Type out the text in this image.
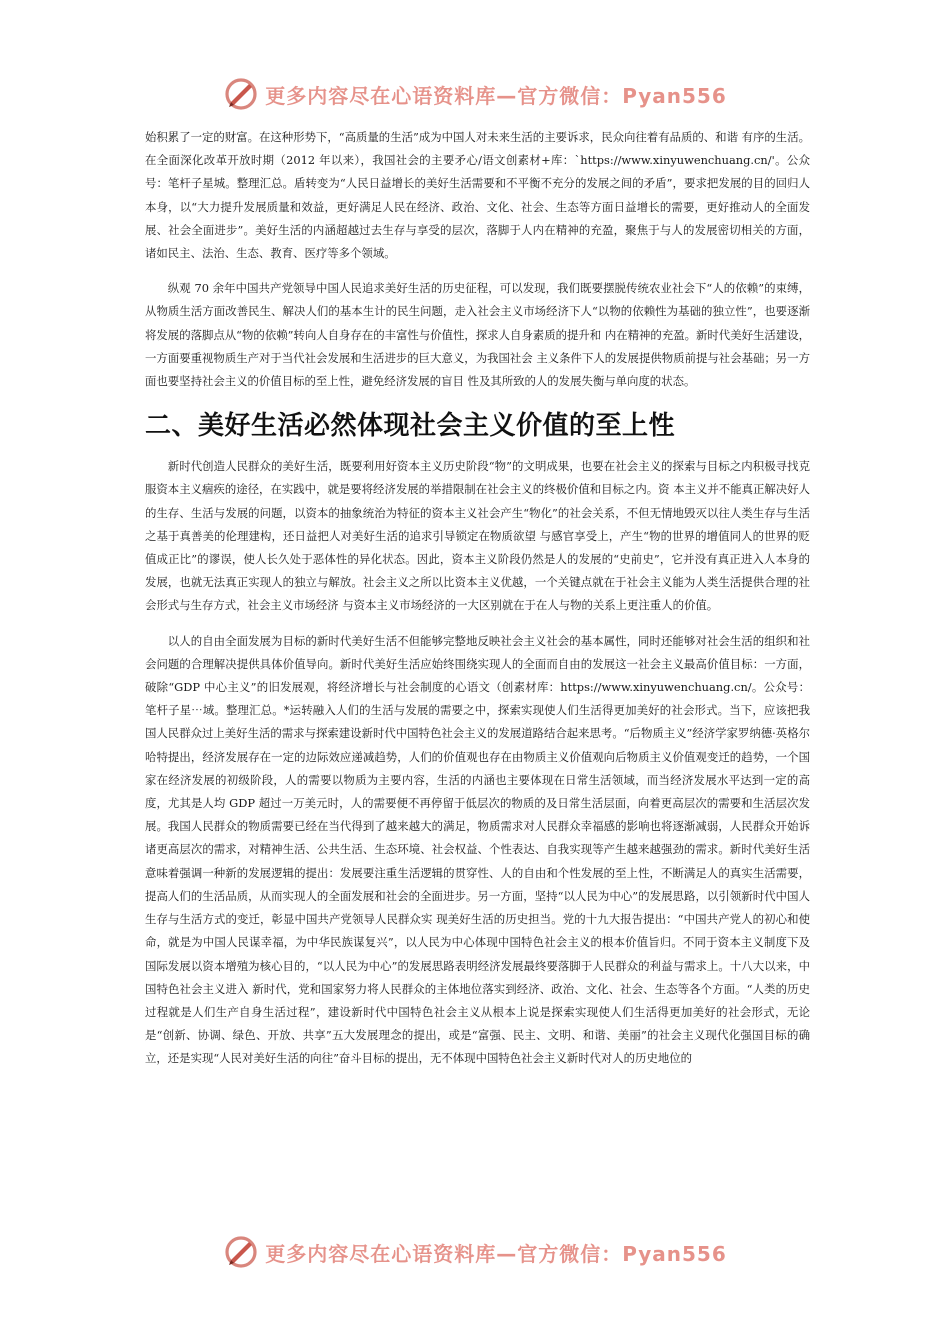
更多内容尽在心语资料库—官方微信：Pyan556

始积累了一定的财富。在这种形势下，“高质量的生活”成为中国人对未来生活的主要诉求，民众向往着有品质的、和谐 有序的生活。在全面深化改革开放时期（2012 年以来），我国社会的主要矛心/语文创素材+库：`https://www.xinyuwenchuang.cn/'。公众号：笔杆子星城。整理汇总。盾转变为“人民日益增长的美好生活需要和不平衡不充分的发展之间的矛盾”，要求把发展的目的回归人本身，以“大力提升发展质量和效益，更好满足人民在经济、政治、文化、社会、生态等方面日益增长的需要，更好推动人的全面发展、社会全面进步”。美好生活的内涵超越过去生存与享受的层次，落脚于人内在精神的充盈，聚焦于与人的发展密切相关的方面，诸如民主、法治、生态、教育、医疗等多个领域。

纵观 70 余年中国共产党领导中国人民追求美好生活的历史征程，可以发现，我们既要摆脱传统农业社会下“人的依赖”的束缚，从物质生活方面改善民生、解决人们的基本生计的民生问题，走入社会主义市场经济下人“以物的依赖性为基础的独立性”，也要逐渐将发展的落脚点从“物的依赖”转向人自身存在的丰富性与价值性，探求人自身素质的提升和 内在精神的充盈。新时代美好生活建设，一方面要重视物质生产对于当代社会发展和生活进步的巨大意义，为我国社会 主义条件下人的发展提供物质前提与社会基础；另一方面也要坚持社会主义的价值目标的至上性，避免经济发展的盲目 性及其所致的人的发展失衡与单向度的状态。

二、美好生活必然体现社会主义价值的至上性

新时代创造人民群众的美好生活，既要利用好资本主义历史阶段“物”的文明成果，也要在社会主义的探索与目标之内积极寻找克服资本主义痼疾的途径，在实践中，就是要将经济发展的举措限制在社会主义的终极价值和目标之内。资 本主义并不能真正解决好人的生存、生活与发展的问题，以资本的抽象统治为特征的资本主义社会产生“物化”的社会关系，不但无情地毁灭以往人类生存与生活之基于真善美的伦理建构，还日益把人对美好生活的追求引导锁定在物质欲望 与感官享受上，产生“物的世界的增值同人的世界的贬值成正比”的谬误，使人长久处于恶体性的异化状态。因此，资本主义阶段仍然是人的发展的“史前史”，它并没有真正进入人本身的发展，也就无法真正实现人的独立与解放。社会主义之所以比资本主义优越，一个关键点就在于社会主义能为人类生活提供合理的社会形式与生存方式，社会主义市场经济 与资本主义市场经济的一大区别就在于在人与物的关系上更注重人的价值。

以人的自由全面发展为目标的新时代美好生活不但能够完整地反映社会主义社会的基本属性，同时还能够对社会生活的组织和社会问题的合理解决提供具体价值导向。新时代美好生活应始终围绕实现人的全面而自由的发展这一社会主义最高价值目标：一方面，破除“GDP 中心主义”的旧发展观，将经济增长与社会制度的心语文（创素材库：https://www.xinyuwenchuang.cn/。公众号：笔杆子星⋯域。整理汇总。*运转融入人们的生活与发展的需要之中，探索实现使人们生活得更加美好的社会形式。当下，应该把我国人民群众过上美好生活的需求与探索建设新时代中国特色社会主义的发展道路结合起来思考。“后物质主义”经济学家罗纳德·英格尔哈特提出，经济发展存在一定的边际效应递减趋势，人们的价值观也存在由物质主义价值观向后物质主义价值观变迁的趋势，一个国家在经济发展的初级阶段，人的需要以物质为主要内容，生活的内涵也主要体现在日常生活领域，而当经济发展水平达到一定的高度，尤其是人均 GDP 超过一万美元时，人的需要便不再停留于低层次的物质的及日常生活层面，向着更高层次的需要和生活层次发展。我国人民群众的物质需要已经在当代得到了越来越大的满足，物质需求对人民群众幸福感的影响也将逐渐减弱，人民群众开始诉诸更高层次的需求，对精神生活、公共生活、生态环境、社会权益、个性表达、自我实现等产生越来越强劲的需求。新时代美好生活意味着强调一种新的发展逻辑的提出：发展要注重生活逻辑的贯穿性、人的自由和个性发展的至上性，不断满足人的真实生活需要，提高人们的生活品质，从而实现人的全面发展和社会的全面进步。另一方面，坚持“以人民为中心”的发展思路，以引领新时代中国人生存与生活方式的变迁，彰显中国共产党领导人民群众实 现美好生活的历史担当。党的十九大报告提出：“中国共产党人的初心和使命，就是为中国人民谋幸福，为中华民族谋复兴”，以人民为中心体现中国特色社会主义的根本价值旨归。不同于资本主义制度下及国际发展以资本增殖为核心目的，“以人民为中心”的发展思路表明经济发展最终要落脚于人民群众的利益与需求上。十八大以来，中国特色社会主义进入 新时代，党和国家努力将人民群众的主体地位落实到经济、政治、文化、社会、生态等各个方面。“人类的历史过程就是人们生产自身生活过程”，建设新时代中国特色社会主义从根本上说是探索实现使人们生活得更加美好的社会形式，无论是“创新、协调、绿色、开放、共享”五大发展理念的提出，或是“富强、民主、文明、和谐、美丽”的社会主义现代化强国目标的确立，还是实现“人民对美好生活的向往”奋斗目标的提出，无不体现中国特色社会主义新时代对人的历史地位的

更多内容尽在心语资料库—官方微信：Pyan556
